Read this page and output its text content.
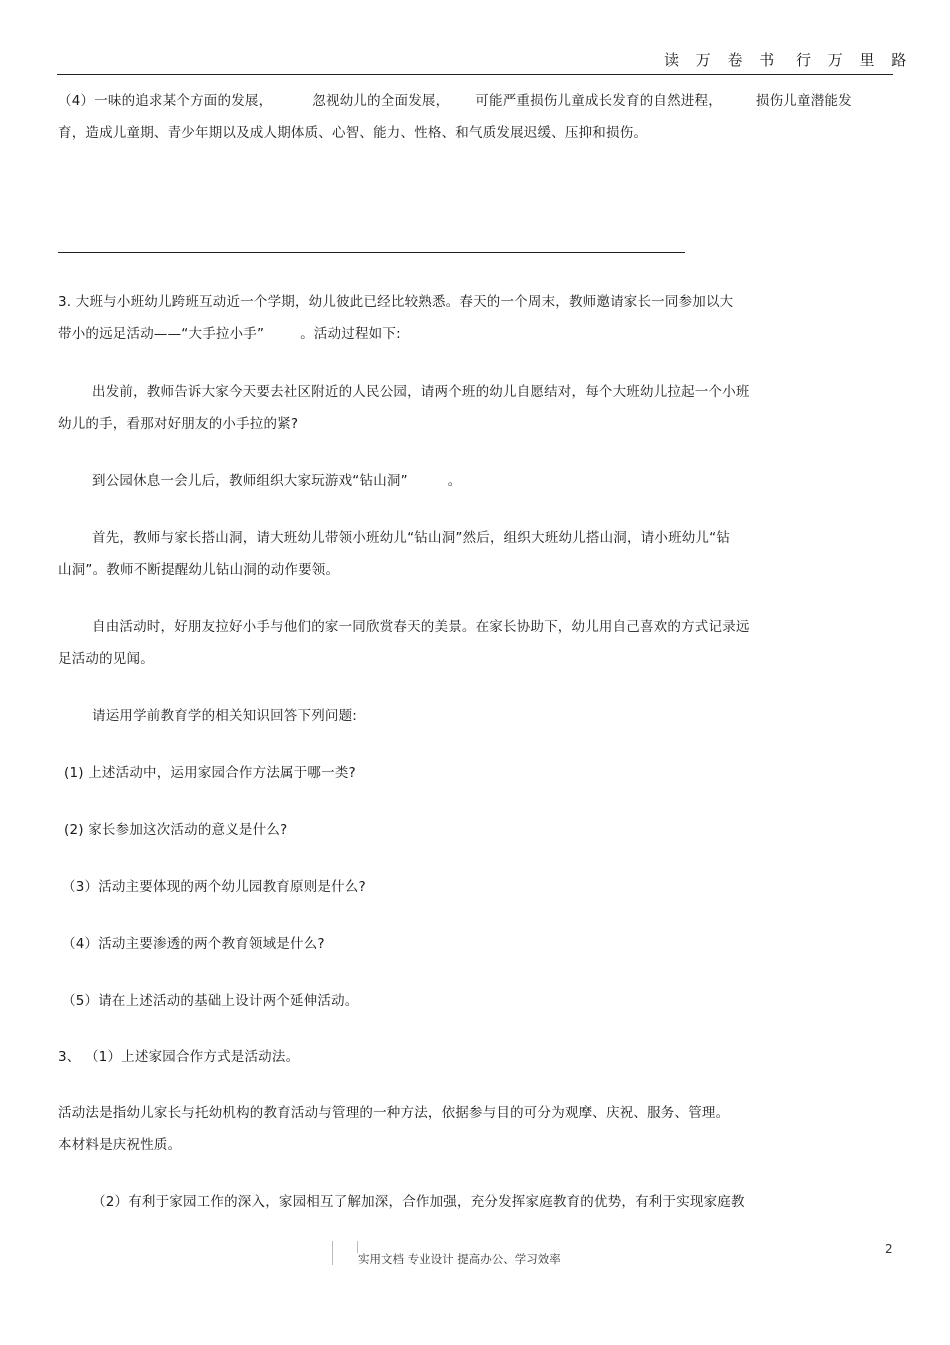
读 万 卷 书 行 万 里 路
（4）一味的追求某个方面的发展，	忽视幼儿的全面发展， 可能严重损伤儿童成长发育的自然进程，	损伤儿童潜能发
育，造成儿童期、青少年期以及成人期体质、心智、能力、性格、和气质发展迟缓、压抑和损伤。
3. 大班与小班幼儿跨班互动近一个学期，幼儿彼此已经比较熟悉。春天的一个周末，教师邀请家长一同参加以大
带小的远足活动——“大手拉小手”	。活动过程如下:
出发前，教师告诉大家今天要去社区附近的人民公园，请两个班的幼儿自愿结对，每个大班幼儿拉起一个小班
幼儿的手，看那对好朋友的小手拉的紧?
到公园休息一会儿后，教师组织大家玩游戏“钻山洞”	。
首先，教师与家长搭山洞，请大班幼儿带领小班幼儿“钻山洞”然后，组织大班幼儿搭山洞，请小班幼儿“钻
山洞”。教师不断提醒幼儿钻山洞的动作要领。
自由活动时，好朋友拉好小手与他们的家一同欣赏春天的美景。在家长协助下，幼儿用自己喜欢的方式记录远
足活动的见闻。
请运用学前教育学的相关知识回答下列问题:
(1) 上述活动中，运用家园合作方法属于哪一类?
(2) 家长参加这次活动的意义是什么?
（3）活动主要体现的两个幼儿园教育原则是什么?
（4）活动主要渗透的两个教育领域是什么?
（5）请在上述活动的基础上设计两个延伸活动。
3、 （1）上述家园合作方式是活动法。
活动法是指幼儿家长与托幼机构的教育活动与管理的一种方法，依据参与目的可分为观摩、庆祝、服务、管理。
本材料是庆祝性质。
（2）有利于家园工作的深入，家园相互了解加深，合作加强，充分发挥家庭教育的优势，有利于实现家庭教
实用文档 专业设计 提高办公、学习效率
2
